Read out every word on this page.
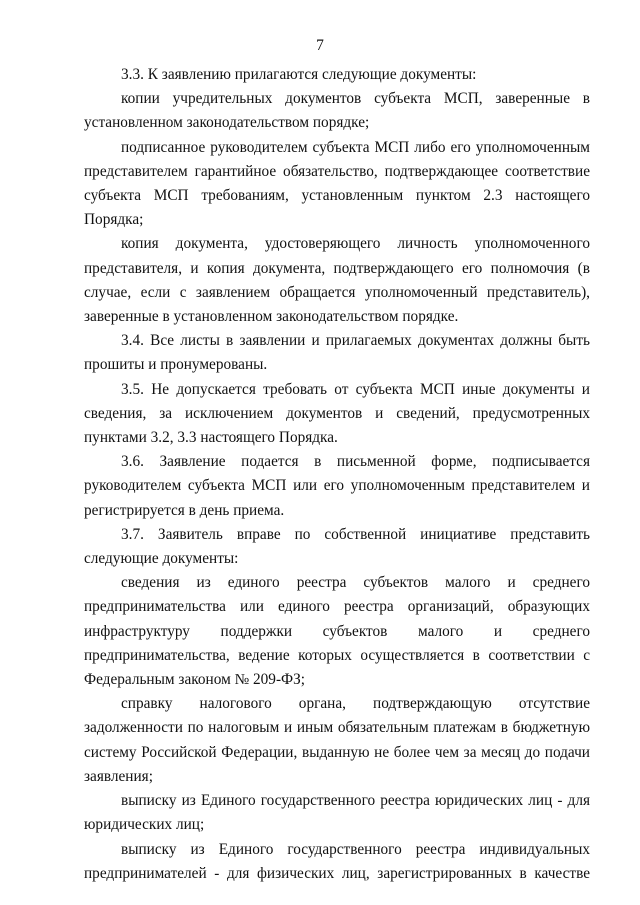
7

3.3. К заявлению прилагаются следующие документы:

копии учредительных документов субъекта МСП, заверенные в установленном законодательством порядке;

подписанное руководителем субъекта МСП либо его уполномоченным представителем гарантийное обязательство, подтверждающее соответствие субъекта МСП требованиям, установленным пунктом 2.3 настоящего Порядка;

копия документа, удостоверяющего личность уполномоченного представителя, и копия документа, подтверждающего его полномочия (в случае, если с заявлением обращается уполномоченный представитель), заверенные в установленном законодательством порядке.

3.4. Все листы в заявлении и прилагаемых документах должны быть прошиты и пронумерованы.

3.5. Не допускается требовать от субъекта МСП иные документы и сведения, за исключением документов и сведений, предусмотренных пунктами 3.2, 3.3 настоящего Порядка.

3.6. Заявление подается в письменной форме, подписывается руководителем субъекта МСП или его уполномоченным представителем и регистрируется в день приема.

3.7. Заявитель вправе по собственной инициативе представить следующие документы:

сведения из единого реестра субъектов малого и среднего предпринимательства или единого реестра организаций, образующих инфраструктуру поддержки субъектов малого и среднего предпринимательства, ведение которых осуществляется в соответствии с Федеральным законом № 209-ФЗ;

справку налогового органа, подтверждающую отсутствие задолженности по налоговым и иным обязательным платежам в бюджетную систему Российской Федерации, выданную не более чем за месяц до подачи заявления;

выписку из Единого государственного реестра юридических лиц - для юридических лиц;

выписку из Единого государственного реестра индивидуальных предпринимателей - для физических лиц, зарегистрированных в качестве
